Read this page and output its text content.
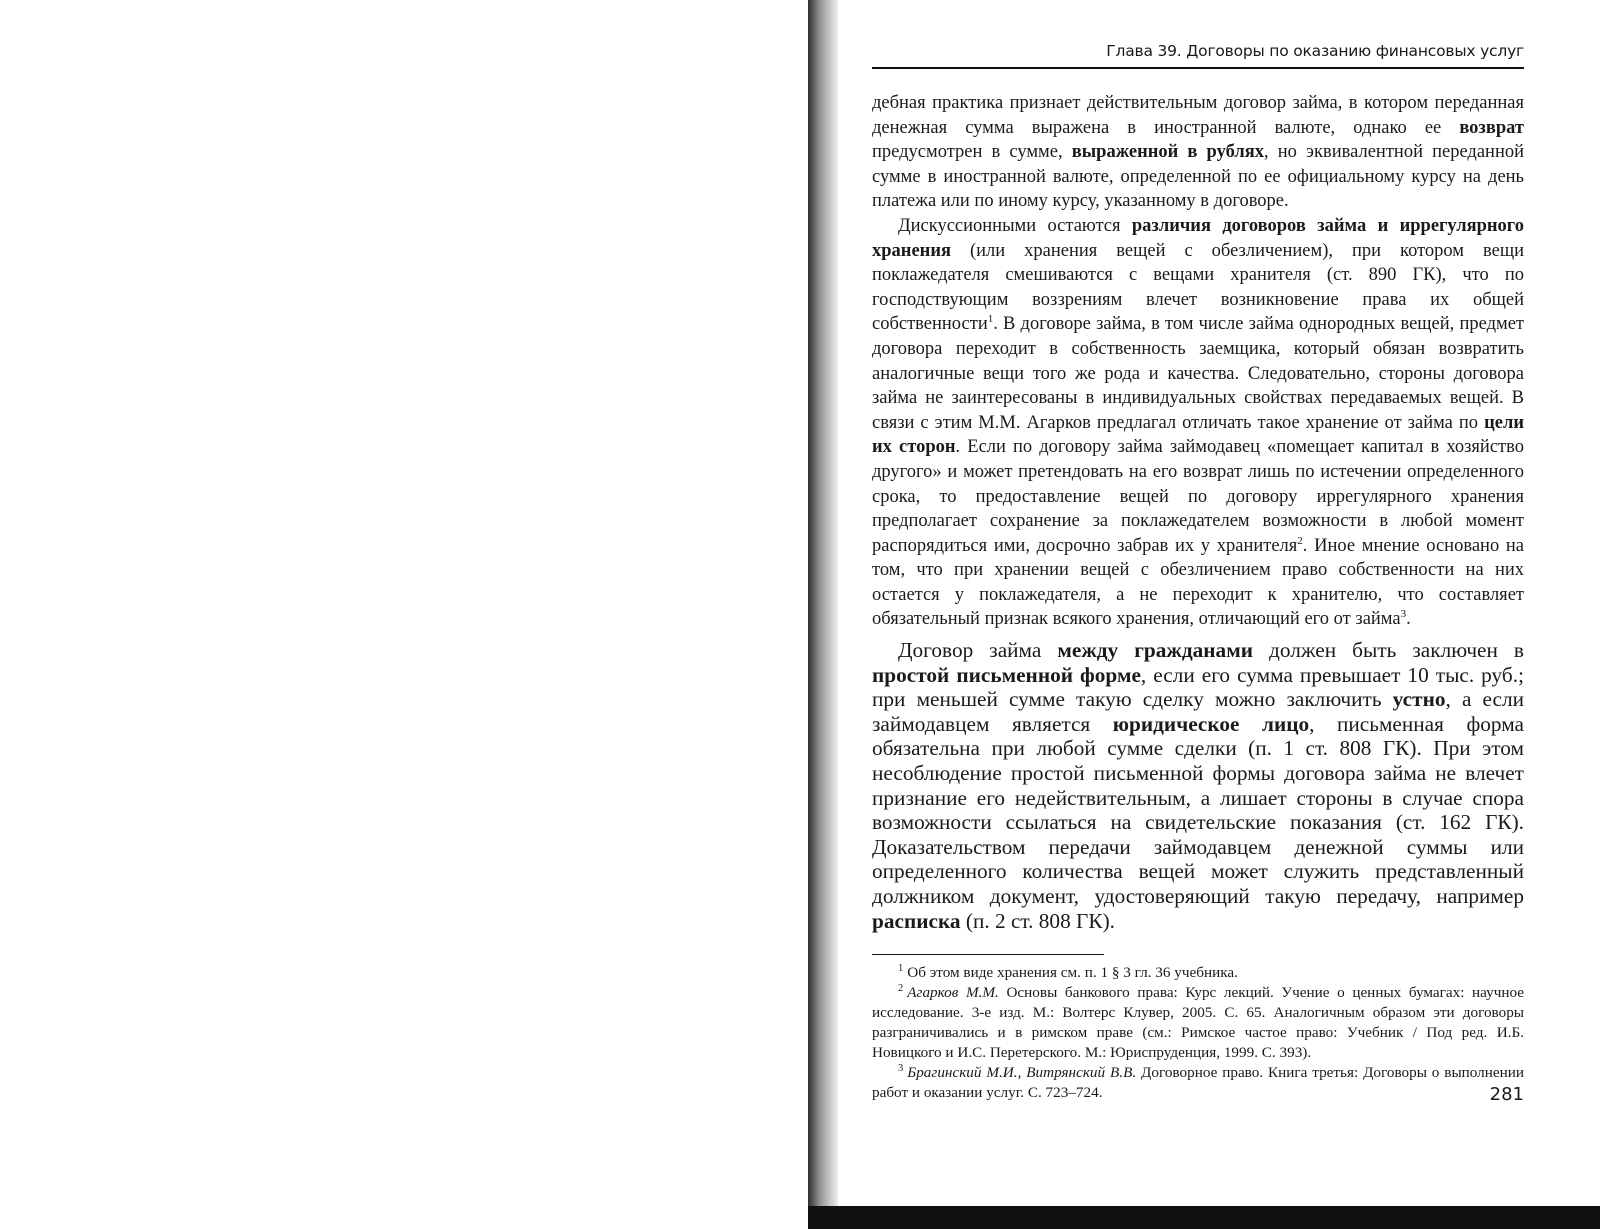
Глава 39. Договоры по оказанию финансовых услуг

дебная практика признает действительным договор займа, в котором переданная денежная сумма выражена в иностранной валюте, однако ее возврат предусмотрен в сумме, выраженной в рублях, но эквивалентной переданной сумме в иностранной валюте, определенной по ее официальному курсу на день платежа или по иному курсу, указанному в договоре.

Дискуссионными остаются различия договоров займа и иррегулярного хранения (или хранения вещей с обезличением), при котором вещи поклажедателя смешиваются с вещами хранителя (ст. 890 ГК), что по господствующим воззрениям влечет возникновение права их общей собственности$^1$. В договоре займа, в том числе займа однородных вещей, предмет договора переходит в собственность заемщика, который обязан возвратить аналогичные вещи того же рода и качества. Следовательно, стороны договора займа не заинтересованы в индивидуальных свойствах передаваемых вещей. В связи с этим М.М. Агарков предлагал отличать такое хранение от займа по цели их сторон. Если по договору займа займодавец «помещает капитал в хозяйство другого» и может претендовать на его возврат лишь по истечении определенного срока, то предоставление вещей по договору иррегулярного хранения предполагает сохранение за поклажедателем возможности в любой момент распорядиться ими, досрочно забрав их у хранителя$^2$. Иное мнение основано на том, что при хранении вещей с обезличением право собственности на них остается у поклажедателя, а не переходит к хранителю, что составляет обязательный признак всякого хранения, отличающий его от займа$^3$.

Договор займа между гражданами должен быть заключен в простой письменной форме, если его сумма превышает 10 тыс. руб.; при меньшей сумме такую сделку можно заключить устно, а если займодавцем является юридическое лицо, письменная форма обязательна при любой сумме сделки (п. 1 ст. 808 ГК). При этом несоблюдение простой письменной формы договора займа не влечет признание его недействительным, а лишает стороны в случае спора возможности ссылаться на свидетельские показания (ст. 162 ГК). Доказательством передачи займодавцем денежной суммы или определенного количества вещей может служить представленный должником документ, удостоверяющий такую передачу, например расписка (п. 2 ст. 808 ГК).

$^1$ Об этом виде хранения см. п. 1 § 3 гл. 36 учебника.

$^2$ Агарков М.М. Основы банкового права: Курс лекций. Учение о ценных бумагах: научное исследование. 3-е изд. М.: Волтерс Клувер, 2005. С. 65. Аналогичным образом эти договоры разграничивались и в римском праве (см.: Римское частое право: Учебник / Под ред. И.Б. Новицкого и И.С. Перетерского. М.: Юриспруденция, 1999. С. 393).

$^3$ Брагинский М.И., Витрянский В.В. Договорное право. Книга третья: Договоры о выполнении работ и оказании услуг. С. 723–724.	281
